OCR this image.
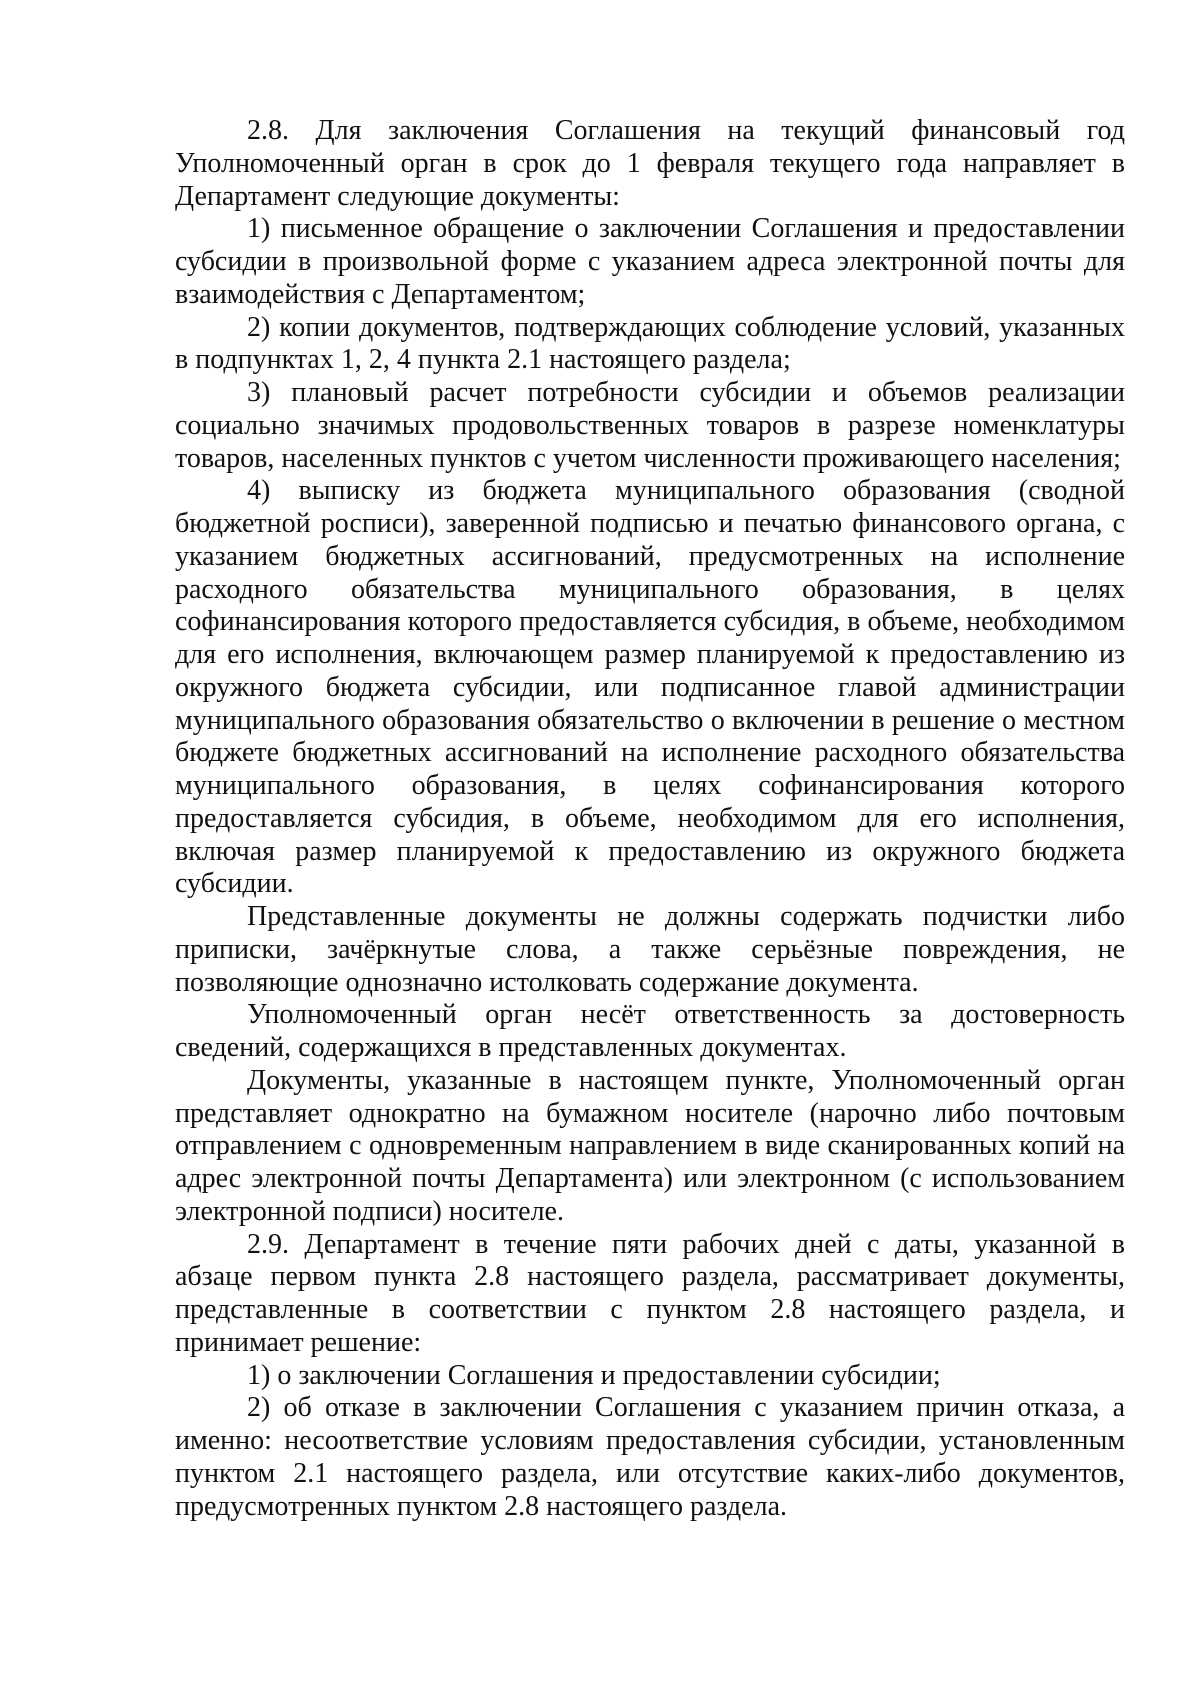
2.8. Для заключения Соглашения на текущий финансовый год Уполномоченный орган в срок до 1 февраля текущего года направляет в Департамент следующие документы:

1) письменное обращение о заключении Соглашения и предоставлении субсидии в произвольной форме с указанием адреса электронной почты для взаимодействия с Департаментом;

2) копии документов, подтверждающих соблюдение условий, указанных в подпунктах 1, 2, 4 пункта 2.1 настоящего раздела;

3) плановый расчет потребности субсидии и объемов реализации социально значимых продовольственных товаров в разрезе номенклатуры товаров, населенных пунктов с учетом численности проживающего населения;

4) выписку из бюджета муниципального образования (сводной бюджетной росписи), заверенной подписью и печатью финансового органа, с указанием бюджетных ассигнований, предусмотренных на исполнение расходного обязательства муниципального образования, в целях софинансирования которого предоставляется субсидия, в объеме, необходимом для его исполнения, включающем размер планируемой к предоставлению из окружного бюджета субсидии, или подписанное главой администрации муниципального образования обязательство о включении в решение о местном бюджете бюджетных ассигнований на исполнение расходного обязательства муниципального образования, в целях софинансирования которого предоставляется субсидия, в объеме, необходимом для его исполнения, включая размер планируемой к предоставлению из окружного бюджета субсидии.

Представленные документы не должны содержать подчистки либо приписки, зачёркнутые слова, а также серьёзные повреждения, не позволяющие однозначно истолковать содержание документа.

Уполномоченный орган несёт ответственность за достоверность сведений, содержащихся в представленных документах.

Документы, указанные в настоящем пункте, Уполномоченный орган представляет однократно на бумажном носителе (нарочно либо почтовым отправлением с одновременным направлением в виде сканированных копий на адрес электронной почты Департамента) или электронном (с использованием электронной подписи) носителе.

2.9. Департамент в течение пяти рабочих дней с даты, указанной в абзаце первом пункта 2.8 настоящего раздела, рассматривает документы, представленные в соответствии с пунктом 2.8 настоящего раздела, и принимает решение:

1) о заключении Соглашения и предоставлении субсидии;

2) об отказе в заключении Соглашения с указанием причин отказа, а именно: несоответствие условиям предоставления субсидии, установленным пунктом 2.1 настоящего раздела, или отсутствие каких-либо документов, предусмотренных пунктом 2.8 настоящего раздела.
